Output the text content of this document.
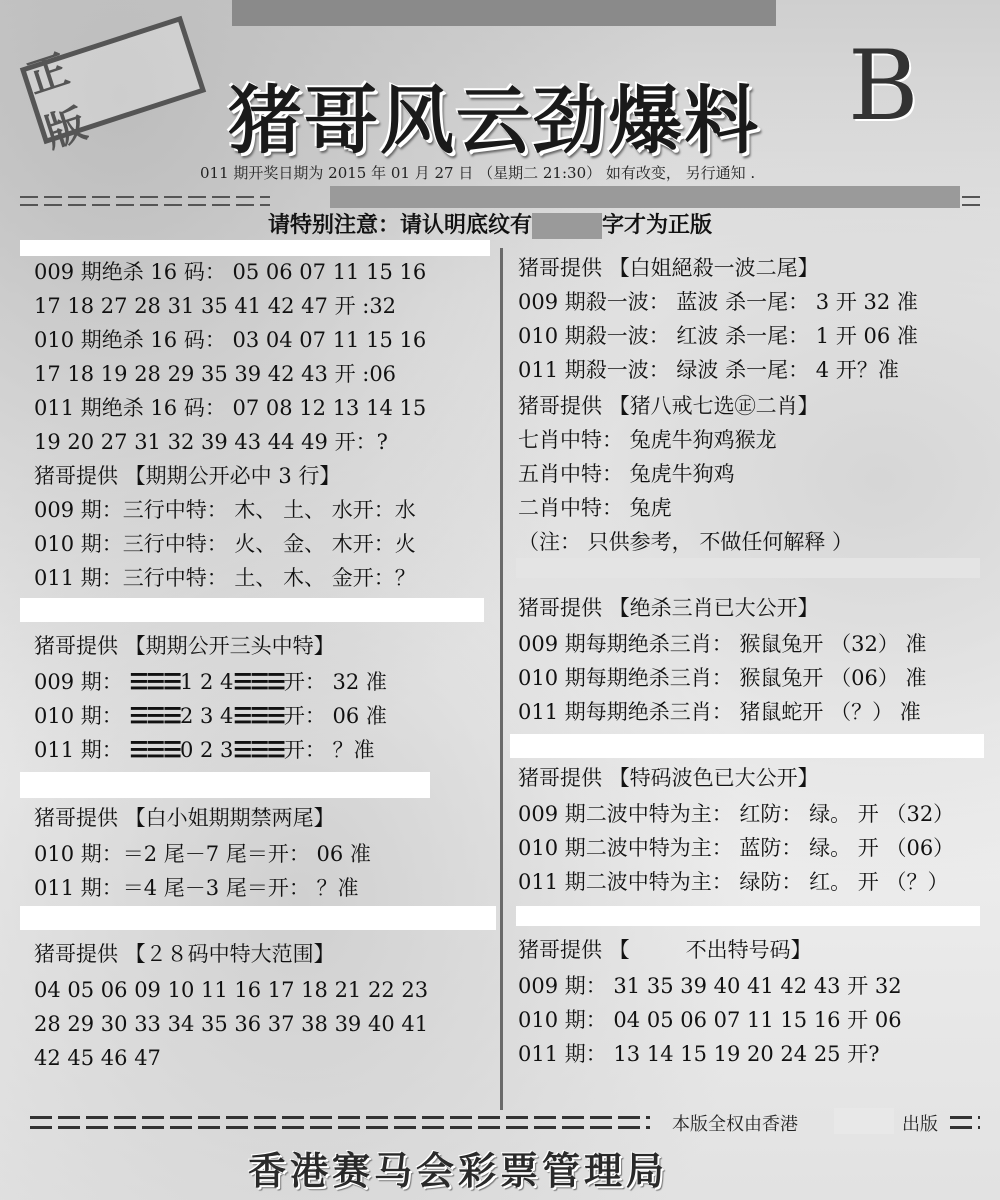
正 版	猪哥风云劲爆料 B
011 期开奖日期为 2015 年 01 月 27 日 （星期二 21:30） 如有改变， 另行通知 .
请特别注意：请认明底纹有	字才为正版
009 期绝杀 16 码： 05 06 07 11 15 16
17 18 27 28 31 35 41 42 47 开 :32
010 期绝杀 16 码： 03 04 07 11 15 16
17 18 19 28 29 35 39 42 43 开 :06
011 期绝杀 16 码： 07 08 12 13 14 15
19 20 27 31 32 39 43 44 49 开：?
猪哥提供 【期期公开必中 3 行】
009 期：三行中特： 木、 土、 水开：水
010 期：三行中特： 火、 金、 木开：火
011 期：三行中特： 土、 木、 金开：？
猪哥提供 【期期公开三头中特】
009 期： ☰☰☰1 2 4☰☰☰开： 32 准
010 期： ☰☰☰2 3 4☰☰☰开： 06 准
011 期： ☰☰☰0 2 3☰☰☰开： ？准
猪哥提供 【白小姐期期禁两尾】
010 期：＝2 尾－7 尾＝开： 06 准
011 期：＝4 尾－3 尾＝开： ？准
猪哥提供 【２８码中特大范围】
04 05 06 09 10 11 16 17 18 21 22 23
28 29 30 33 34 35 36 37 38 39 40 41
42 45 46 47
猪哥提供 【白姐絕殺一波二尾】
009 期殺一波： 蓝波 杀一尾： 3 开 32 准
010 期殺一波： 红波 杀一尾： 1 开 06 准
011 期殺一波： 绿波 杀一尾： 4 开？准
猪哥提供 【猪八戒七选㊣二肖】
七肖中特： 兔虎牛狗鸡猴龙
五肖中特： 兔虎牛狗鸡
二肖中特： 兔虎
（注： 只供参考， 不做任何解释 ）
猪哥提供 【绝杀三肖已大公开】
009 期每期绝杀三肖： 猴鼠兔开 （32） 准
010 期每期绝杀三肖： 猴鼠兔开 （06） 准
011 期每期绝杀三肖： 猪鼠蛇开 （？） 准
猪哥提供 【特码波色已大公开】
009 期二波中特为主： 红防： 绿。 开 （32）
010 期二波中特为主： 蓝防： 绿。 开 （06）
011 期二波中特为主： 绿防： 红。 开 （？）
猪哥提供 【	不出特号码】
009 期： 31 35 39 40 41 42 43 开 32
010 期： 04 05 06 07 11 15 16 开 06
011 期： 13 14 15 19 20 24 25 开?
本版全权由香港	出版
香港赛马会彩票管理局
